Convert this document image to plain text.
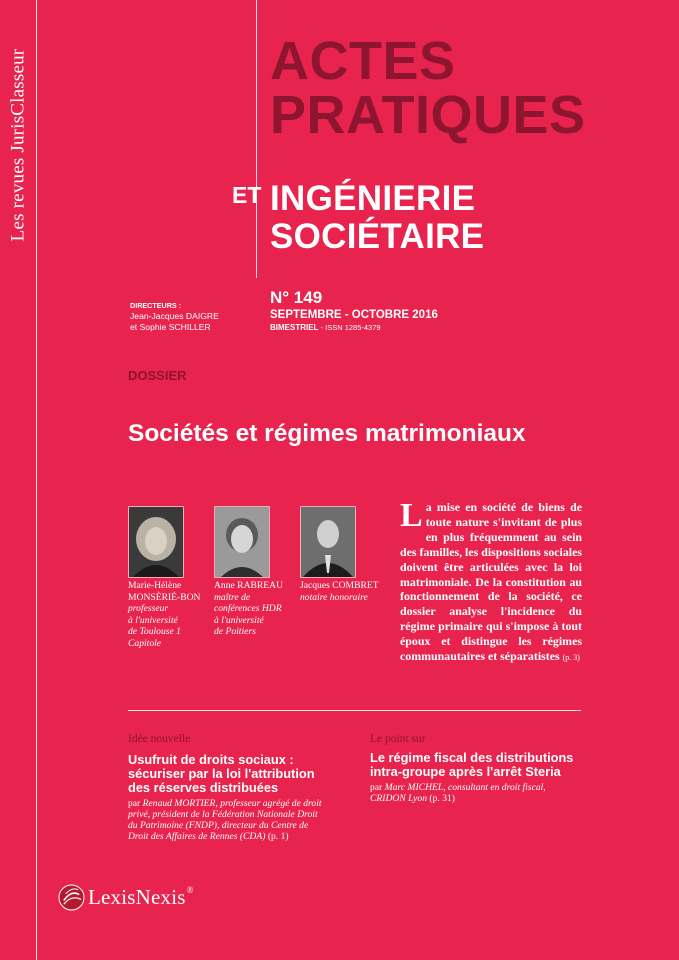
Les revues JurisClasseur	ACTES
PRATIQUES
ET INGÉNIERIE
SOCIÉTAIRE
DIRECTEURS :
Jean-Jacques DAIGRE
et Sophie SCHILLER
N° 149
SEPTEMBRE - OCTOBRE 2016
BIMESTRIEL - ISSN 1285-4379
DOSSIER
Sociétés et régimes matrimoniaux
Marie-Hélène
MONSÈRIÉ-BON
professeur
à l'université
de Toulouse 1
Capitole
Anne RABREAU
maître de
conférences HDR
à l'université
de Poitiers
Jacques COMBRET
notaire honoraire

La mise en société de biens de toute nature s'invitant de plus en plus fréquemment au sein des familles, les dispositions sociales doivent être articulées avec la loi matrimoniale. De la constitution au fonctionnement de la société, ce dossier analyse l'incidence du régime primaire qui s'impose à tout époux et distingue les régimes communautaires et séparatistes (p. 3)

Idée nouvelle
Usufruit de droits sociaux :
sécuriser par la loi l'attribution
des réserves distribuées

par Renaud MORTIER, professeur agrégé de droit

privé, président de la Fédération Nationale Droit

du Patrimoine (FNDP), directeur du Centre de

Droit des Affaires de Rennes (CDA) (p. 1)

Le point sur
Le régime fiscal des distributions
intra-groupe après l'arrêt Steria

par Marc MICHEL, consultant en droit fiscal,

CRIDON Lyon (p. 31)

LexisNexis®
